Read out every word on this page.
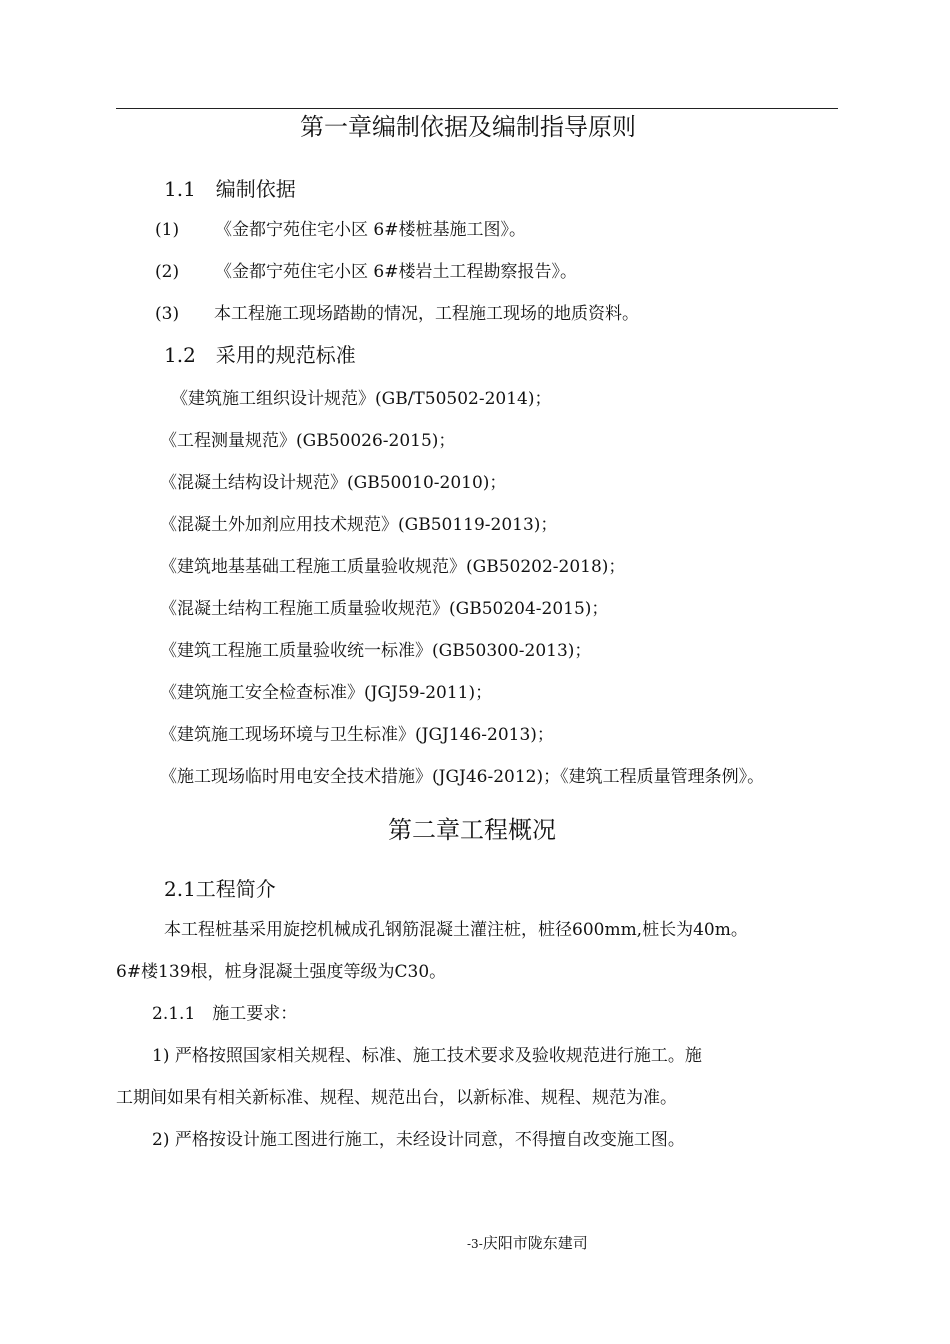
第一章编制依据及编制指导原则
1.1　编制依据
(1) 《金都宁苑住宅小区 6#楼桩基施工图》。
(2) 《金都宁苑住宅小区 6#楼岩土工程勘察报告》。
(3) 本工程施工现场踏勘的情况，工程施工现场的地质资料。
1.2　采用的规范标准
《建筑施工组织设计规范》(GB/T50502-2014)；
《工程测量规范》(GB50026-2015)；
《混凝土结构设计规范》(GB50010-2010)；
《混凝土外加剂应用技术规范》(GB50119-2013)；
《建筑地基基础工程施工质量验收规范》(GB50202-2018)；
《混凝土结构工程施工质量验收规范》(GB50204-2015)；
《建筑工程施工质量验收统一标准》(GB50300-2013)；
《建筑施工安全检查标准》(JGJ59-2011)；
《建筑施工现场环境与卫生标准》(JGJ146-2013)；
《施工现场临时用电安全技术措施》(JGJ46-2012)；《建筑工程质量管理条例》。
第二章工程概况
2.1工程简介
本工程桩基采用旋挖机械成孔钢筋混凝土灌注桩，桩径600mm,桩长为40m。
6#楼139根，桩身混凝土强度等级为C30。
2.1.1　施工要求：
1) 严格按照国家相关规程、标准、施工技术要求及验收规范进行施工。施
工期间如果有相关新标准、规程、规范出台，以新标准、规程、规范为准。
2) 严格按设计施工图进行施工，未经设计同意，不得擅自改变施工图。
-3-庆阳市陇东建司
